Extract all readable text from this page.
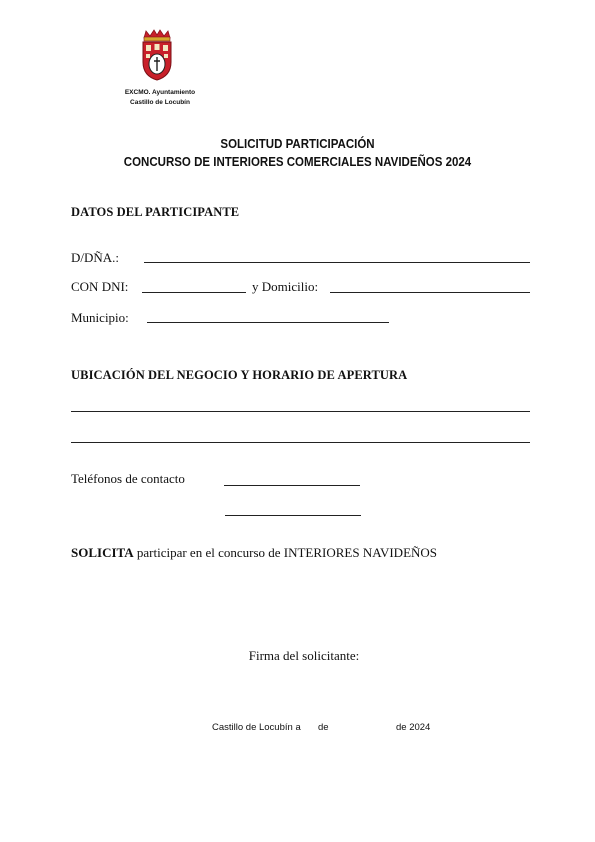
EXCMO. Ayuntamiento
Castillo de Locubín
SOLICITUD PARTICIPACIÓN
CONCURSO DE INTERIORES COMERCIALES NAVIDEÑOS 2024
DATOS DEL PARTICIPANTE
D/DÑA.:
CON DNI:	y Domicilio:
Municipio:
UBICACIÓN DEL NEGOCIO Y HORARIO DE APERTURA
Teléfonos de contacto
SOLICITA participar en el concurso de INTERIORES NAVIDEÑOS
Firma del solicitante:
Castillo de Locubín a de	de 2024
